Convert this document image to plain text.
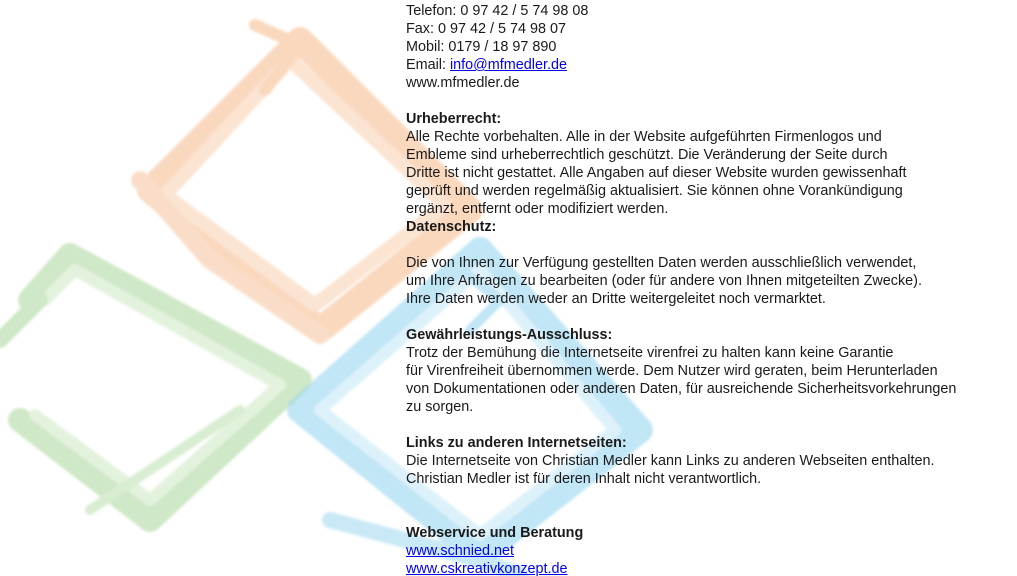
Telefon: 0 97 42 / 5 74 98 08
Fax: 0 97 42 / 5 74 98 07
Mobil: 0179 / 18 97 890
Email: info@mfmedler.de
www.mfmedler.de
Urheberrecht:
Alle Rechte vorbehalten. Alle in der Website aufgeführten Firmenlogos und
Embleme sind urheberrechtlich geschützt. Die Veränderung der Seite durch
Dritte ist nicht gestattet. Alle Angaben auf dieser Website wurden gewissenhaft
geprüft und werden regelmäßig aktualisiert. Sie können ohne Vorankündigung
ergänzt, entfernt oder modifiziert werden.
Datenschutz:
Die von Ihnen zur Verfügung gestellten Daten werden ausschließlich verwendet,
um Ihre Anfragen zu bearbeiten (oder für andere von Ihnen mitgeteilten Zwecke).
Ihre Daten werden weder an Dritte weitergeleitet noch vermarktet.
Gewährleistungs-Ausschluss:
Trotz der Bemühung die Internetseite virenfrei zu halten kann keine Garantie
für Virenfreiheit übernommen werde. Dem Nutzer wird geraten, beim Herunterladen
von Dokumentationen oder anderen Daten, für ausreichende Sicherheitsvorkehrungen
zu sorgen.
Links zu anderen Internetseiten:
Die Internetseite von Christian Medler kann Links zu anderen Webseiten enthalten.
Christian Medler ist für deren Inhalt nicht verantwortlich.
Webservice und Beratung
www.schnied.net
www.cskreativkonzept.de
